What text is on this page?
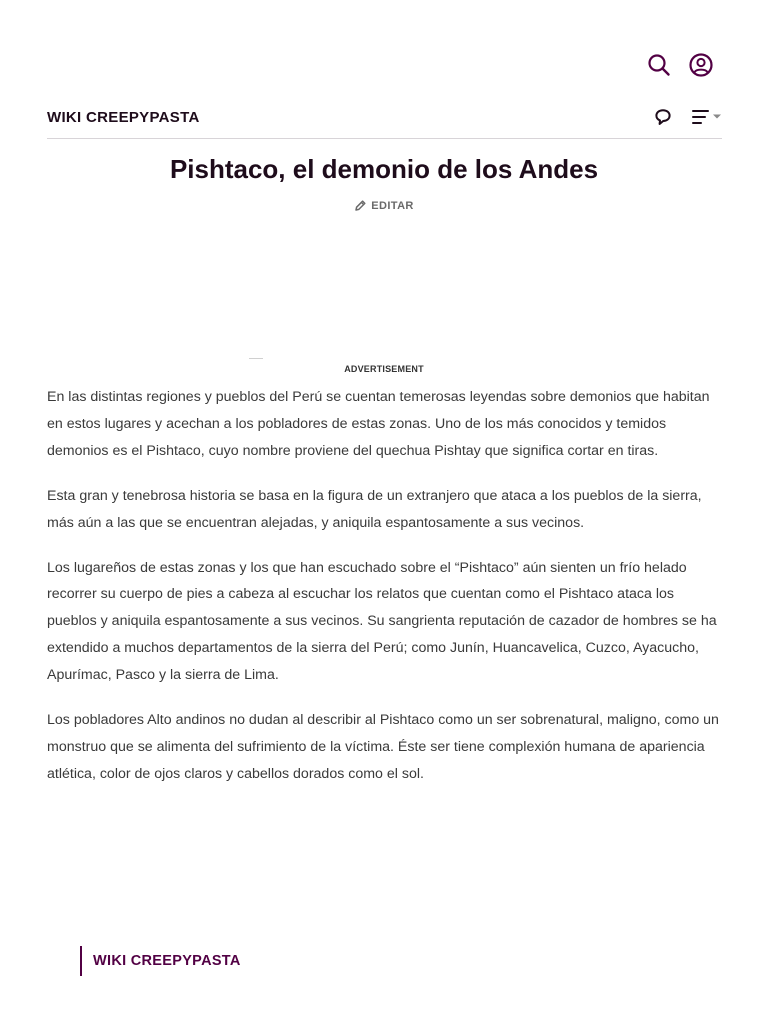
WIKI CREEPYPASTA
Pishtaco, el demonio de los Andes
EDITAR
ADVERTISEMENT

En las distintas regiones y pueblos del Perú se cuentan temerosas leyendas sobre demonios que habitan en estos lugares y acechan a los pobladores de estas zonas. Uno de los más conocidos y temidos demonios es el Pishtaco, cuyo nombre proviene del quechua Pishtay que significa cortar en tiras.

Esta gran y tenebrosa historia se basa en la figura de un extranjero que ataca a los pueblos de la sierra, más aún a las que se encuentran alejadas, y aniquila espantosamente a sus vecinos.

Los lugareños de estas zonas y los que han escuchado sobre el “Pishtaco” aún sienten un frío helado recorrer su cuerpo de pies a cabeza al escuchar los relatos que cuentan como el Pishtaco ataca los pueblos y aniquila espantosamente a sus vecinos. Su sangrienta reputación de cazador de hombres se ha extendido a muchos departamentos de la sierra del Perú; como Junín, Huancavelica, Cuzco, Ayacucho, Apurímac, Pasco y la sierra de Lima.

Los pobladores Alto andinos no dudan al describir al Pishtaco como un ser sobrenatural, maligno, como un monstruo que se alimenta del sufrimiento de la víctima. Éste ser tiene complexión humana de apariencia atlética, color de ojos claros y cabellos dorados como el sol.

WIKI CREEPYPASTA
